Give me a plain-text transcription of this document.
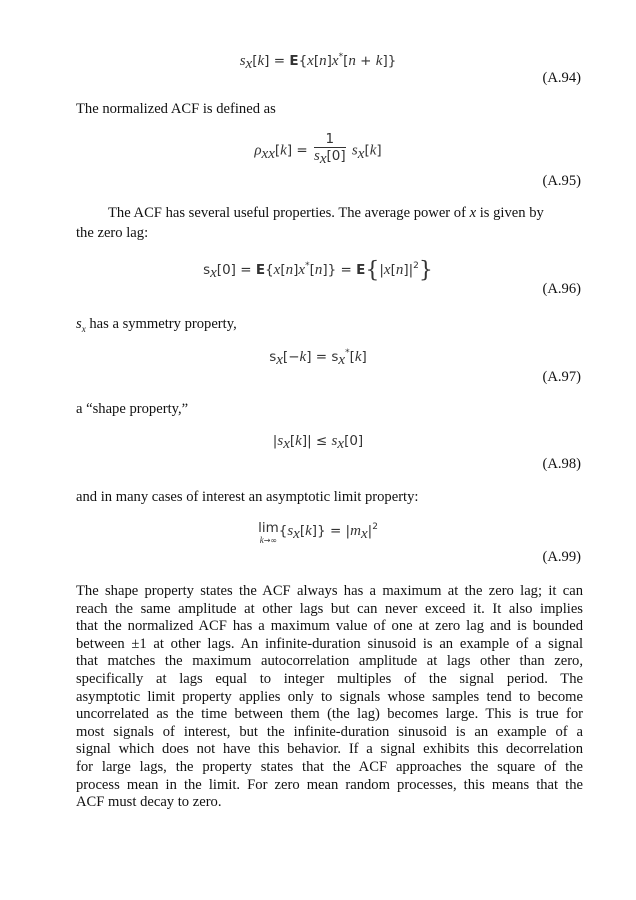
$s_x[k] = E\{x[n]x^*[n + k]\}$
(A.94)

The normalized ACF is defined as

$\rho_{xx}[k] = \frac{1}{s_x[0]} s_x[k]$
(A.95)

The ACF has several useful properties. The average power of x is given by

the zero lag:

$s_x[0] = E\{x[n]x^*[n]\} = E\{|x[n]|^2\}$
(A.96)

$s_x$ has a symmetry property,

$s_x[-k] = s_x^*[k]$
(A.97)

a “shape property,”

$|s_x[k]| \le s_x[0]$
(A.98)

and in many cases of interest an asymptotic limit property:

lim
k→∞
$\{s_x[k]\} = |m_x|^2$
(A.99)
The shape property states the ACF always has a maximum at the zero lag; it can
reach the same amplitude at other lags but can never exceed it. It also implies
that the normalized ACF has a maximum value of one at zero lag and is bounded
between ±1 at other lags. An infinite-duration sinusoid is an example of a signal
that matches the maximum autocorrelation amplitude at lags other than zero,
specifically at lags equal to integer multiples of the signal period. The
asymptotic limit property applies only to signals whose samples tend to become
uncorrelated as the time between them (the lag) becomes large. This is true for
most signals of interest, but the infinite-duration sinusoid is an example of a
signal which does not have this behavior. If a signal exhibits this decorrelation
for large lags, the property states that the ACF approaches the square of the
process mean in the limit. For zero mean random processes, this means that the
ACF must decay to zero.
